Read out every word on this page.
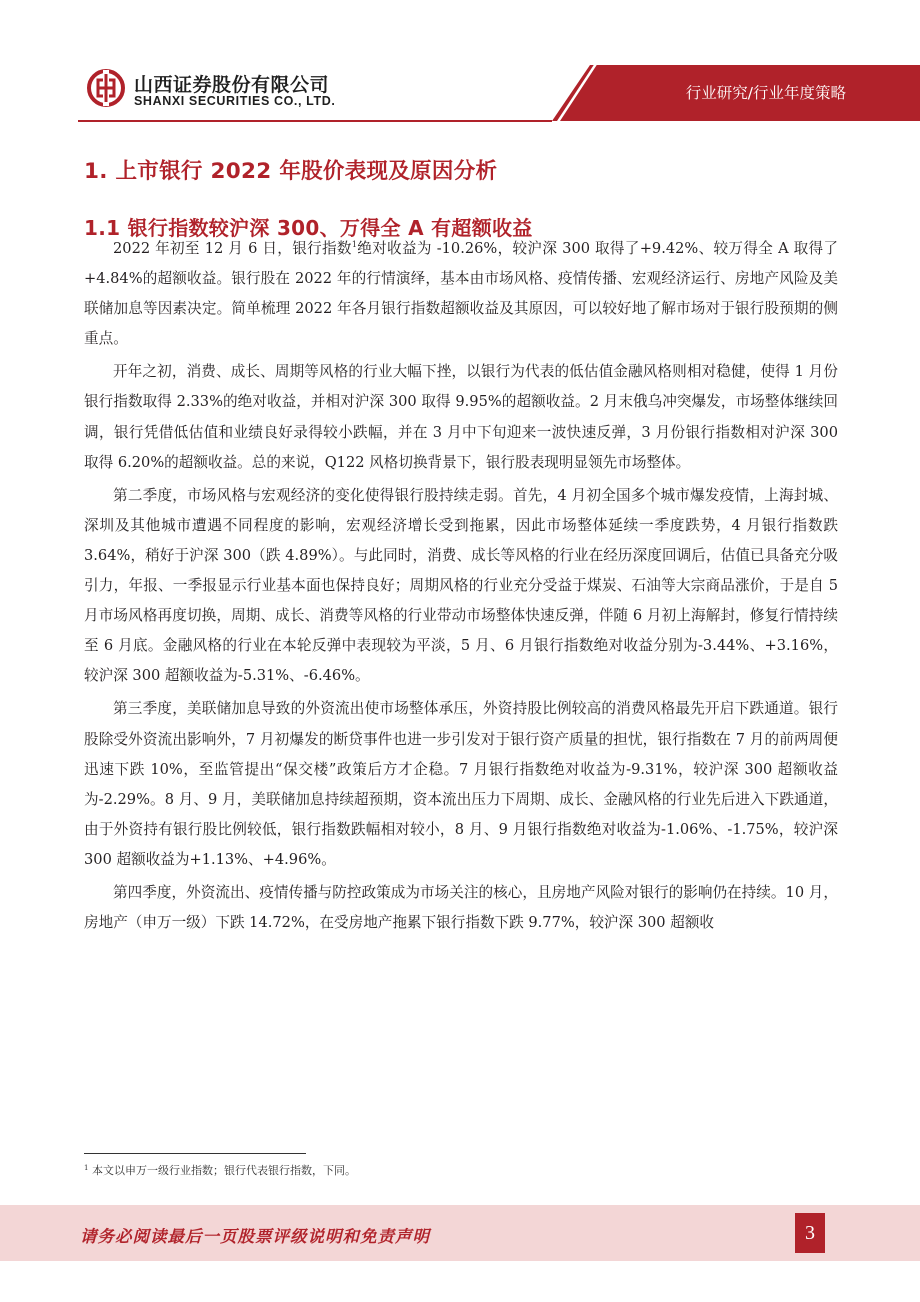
山西证券股份有限公司
SHANXI SECURITIES CO., LTD.	行业研究/行业年度策略
1. 上市银行 2022 年股价表现及原因分析
1.1 银行指数较沪深 300、万得全 A 有超额收益

2022 年初至 12 月 6 日，银行指数$^1$绝对收益为 -10.26%，较沪深 300 取得了+9.42%、较万得全 A 取得了+4.84%的超额收益。银行股在 2022 年的行情演绎，基本由市场风格、疫情传播、宏观经济运行、房地产风险及美联储加息等因素决定。简单梳理 2022 年各月银行指数超额收益及其原因，可以较好地了解市场对于银行股预期的侧重点。

开年之初，消费、成长、周期等风格的行业大幅下挫，以银行为代表的低估值金融风格则相对稳健，使得 1 月份银行指数取得 2.33%的绝对收益，并相对沪深 300 取得 9.95%的超额收益。2 月末俄乌冲突爆发，市场整体继续回调，银行凭借低估值和业绩良好录得较小跌幅，并在 3 月中下旬迎来一波快速反弹，3 月份银行指数相对沪深 300 取得 6.20%的超额收益。总的来说，Q122 风格切换背景下，银行股表现明显领先市场整体。

第二季度，市场风格与宏观经济的变化使得银行股持续走弱。首先，4 月初全国多个城市爆发疫情，上海封城、深圳及其他城市遭遇不同程度的影响，宏观经济增长受到拖累，因此市场整体延续一季度跌势，4 月银行指数跌 3.64%，稍好于沪深 300（跌 4.89%）。与此同时，消费、成长等风格的行业在经历深度回调后，估值已具备充分吸引力，年报、一季报显示行业基本面也保持良好；周期风格的行业充分受益于煤炭、石油等大宗商品涨价，于是自 5 月市场风格再度切换，周期、成长、消费等风格的行业带动市场整体快速反弹，伴随 6 月初上海解封，修复行情持续至 6 月底。金融风格的行业在本轮反弹中表现较为平淡，5 月、6 月银行指数绝对收益分别为-3.44%、+3.16%，较沪深 300 超额收益为-5.31%、-6.46%。

第三季度，美联储加息导致的外资流出使市场整体承压，外资持股比例较高的消费风格最先开启下跌通道。银行股除受外资流出影响外，7 月初爆发的断贷事件也进一步引发对于银行资产质量的担忧，银行指数在 7 月的前两周便迅速下跌 10%，至监管提出“保交楼”政策后方才企稳。7 月银行指数绝对收益为-9.31%，较沪深 300 超额收益为-2.29%。8 月、9 月，美联储加息持续超预期，资本流出压力下周期、成长、金融风格的行业先后进入下跌通道，由于外资持有银行股比例较低，银行指数跌幅相对较小，8 月、9 月银行指数绝对收益为-1.06%、-1.75%，较沪深 300 超额收益为+1.13%、+4.96%。

第四季度，外资流出、疫情传播与防控政策成为市场关注的核心，且房地产风险对银行的影响仍在持续。10 月，房地产（申万一级）下跌 14.72%，在受房地产拖累下银行指数下跌 9.77%，较沪深 300 超额收

$^1$ 本文以申万一级行业指数；银行代表银行指数，下同。
请务必阅读最后一页股票评级说明和免责声明	3
